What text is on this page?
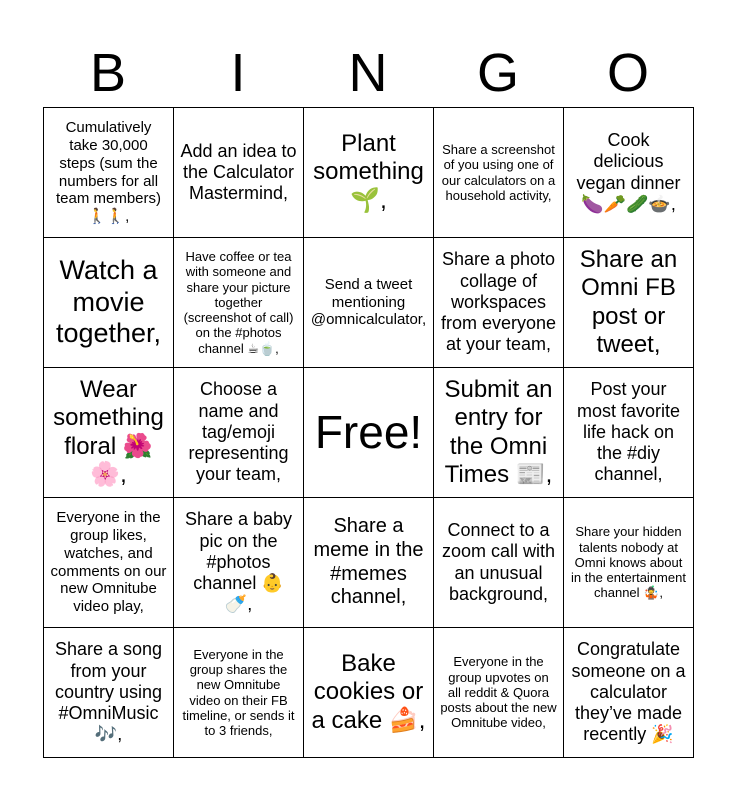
B	I	N	G	O
Cumulatively take 30,000 steps (sum the numbers for all team members) 🚶🚶,	Add an idea to the Calculator Mastermind,	Plant something 🌱,	Share a screenshot of you using one of our calculators on a household activity,	Cook delicious vegan dinner 🍆🥕🥒🍲,
Watch a movie together,	Have coffee or tea with someone and share your picture together (screenshot of call) on the #photos channel ☕🍵,	Send a tweet mentioning @omnicalculator,	Share a photo collage of workspaces from everyone at your team,	Share an Omni FB post or tweet,
Wear something floral 🌺🌸,	Choose a name and tag/emoji representing your team,	Free!	Submit an entry for the Omni Times 📰,	Post your most favorite life hack on the #diy channel,
Everyone in the group likes, watches, and comments on our new Omnitube video play,	Share a baby pic on the #photos channel 👶🍼,	Share a meme in the #memes channel,	Connect to a zoom call with an unusual background,	Share your hidden talents nobody at Omni knows about in the entertainment channel 🤹,
Share a song from your country using #OmniMusic 🎶,	Everyone in the group shares the new Omnitube video on their FB timeline, or sends it to 3 friends,	Bake cookies or a cake 🍰,	Everyone in the group upvotes on all reddit & Quora posts about the new Omnitube video,	Congratulate someone on a calculator they’ve made recently 🎉
